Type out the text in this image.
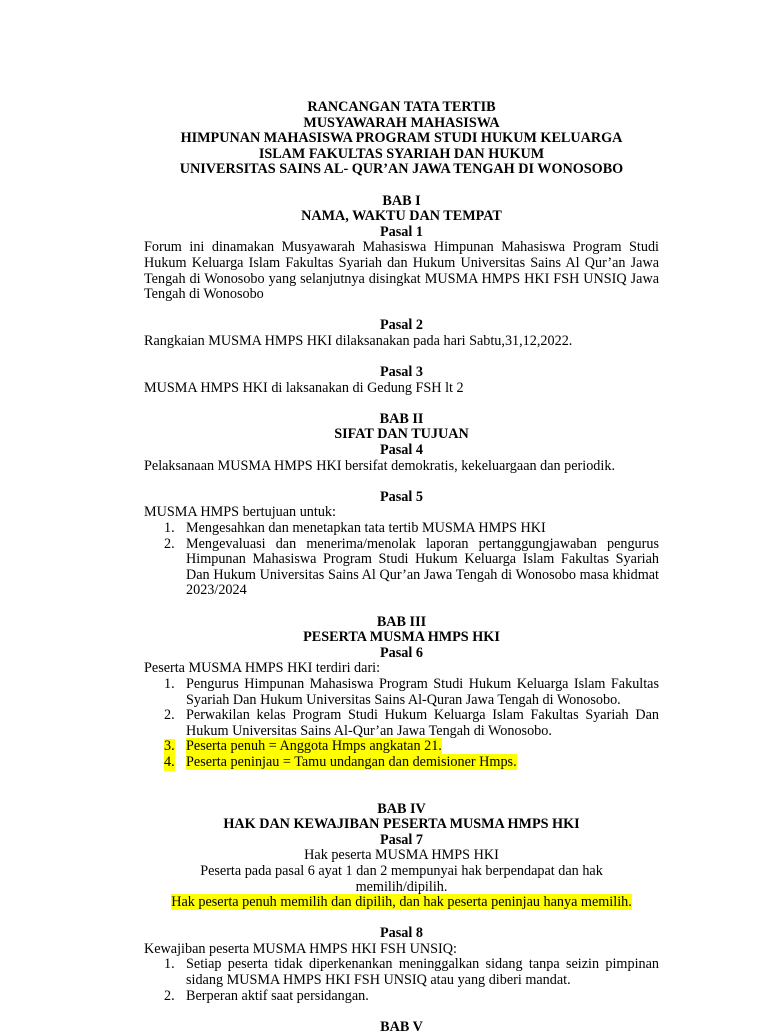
RANCANGAN TATA TERTIB
MUSYAWARAH MAHASISWA
HIMPUNAN MAHASISWA PROGRAM STUDI HUKUM KELUARGA
ISLAM FAKULTAS SYARIAH DAN HUKUM
UNIVERSITAS SAINS AL- QUR’AN JAWA TENGAH DI WONOSOBO
BAB I
NAMA, WAKTU DAN TEMPAT
Pasal 1
Forum ini dinamakan Musyawarah Mahasiswa Himpunan Mahasiswa Program Studi Hukum Keluarga Islam Fakultas Syariah dan Hukum Universitas Sains Al Qur’an Jawa Tengah di Wonosobo yang selanjutnya disingkat MUSMA HMPS HKI FSH UNSIQ Jawa Tengah di Wonosobo
Pasal 2
Rangkaian MUSMA HMPS HKI dilaksanakan pada hari Sabtu,31,12,2022.
Pasal 3
MUSMA HMPS HKI di laksanakan di Gedung FSH lt 2
BAB II
SIFAT DAN TUJUAN
Pasal 4
Pelaksanaan MUSMA HMPS HKI bersifat demokratis, kekeluargaan dan periodik.
Pasal 5
MUSMA HMPS bertujuan untuk:
1. Mengesahkan dan menetapkan tata tertib MUSMA HMPS HKI
2. Mengevaluasi dan menerima/menolak laporan pertanggungjawaban pengurus Himpunan Mahasiswa Program Studi Hukum Keluarga Islam Fakultas Syariah Dan Hukum Universitas Sains Al Qur’an Jawa Tengah di Wonosobo masa khidmat 2023/2024
BAB III
PESERTA MUSMA HMPS HKI
Pasal 6
Peserta MUSMA HMPS HKI terdiri dari:
1. Pengurus Himpunan Mahasiswa Program Studi Hukum Keluarga Islam Fakultas Syariah Dan Hukum Universitas Sains Al-Quran Jawa Tengah di Wonosobo.
2. Perwakilan kelas Program Studi Hukum Keluarga Islam Fakultas Syariah Dan Hukum Universitas Sains Al-Qur’an Jawa Tengah di Wonosobo.
3. Peserta penuh = Anggota Hmps angkatan 21.
4. Peserta peninjau = Tamu undangan dan demisioner Hmps.
BAB IV
HAK DAN KEWAJIBAN PESERTA MUSMA HMPS HKI
Pasal 7
Hak peserta MUSMA HMPS HKI
Peserta pada pasal 6 ayat 1 dan 2 mempunyai hak berpendapat dan hak memilih/dipilih.
Hak peserta penuh memilih dan dipilih, dan hak peserta peninjau hanya memilih.
Pasal 8
Kewajiban peserta MUSMA HMPS HKI FSH UNSIQ:
1. Setiap peserta tidak diperkenankan meninggalkan sidang tanpa seizin pimpinan sidang MUSMA HMPS HKI FSH UNSIQ atau yang diberi mandat.
2. Berperan aktif saat persidangan.
BAB V
